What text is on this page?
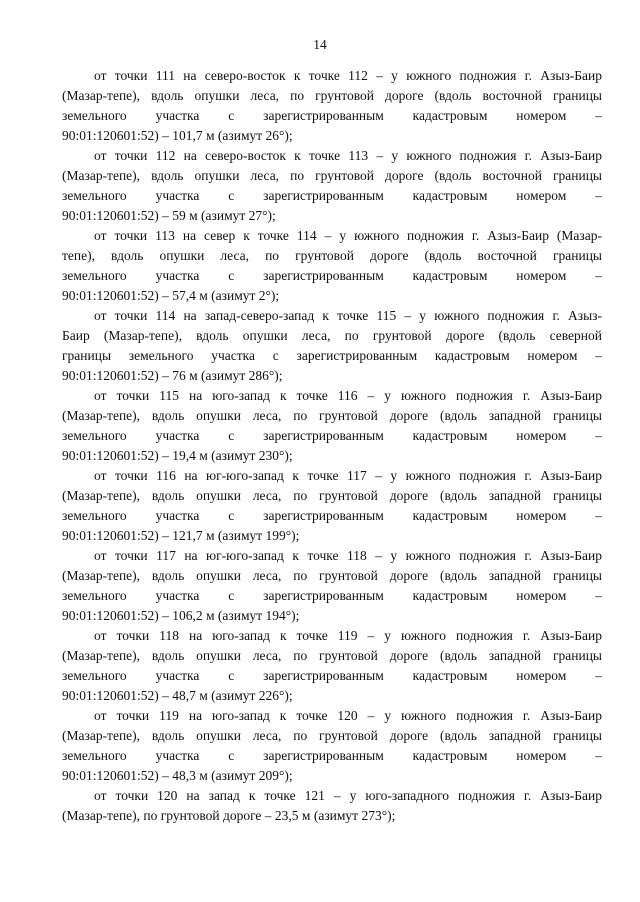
14
от точки 111 на северо-восток к точке 112 – у южного подножия г. Азыз-Баир
(Мазар-тепе), вдоль опушки леса, по грунтовой дороге (вдоль восточной границы
земельного участка с зарегистрированным кадастровым номером –
90:01:120601:52) – 101,7 м (азимут 26°);
от точки 112 на северо-восток к точке 113 – у южного подножия г. Азыз-Баир
(Мазар-тепе), вдоль опушки леса, по грунтовой дороге (вдоль восточной границы
земельного участка с зарегистрированным кадастровым номером –
90:01:120601:52) – 59 м (азимут 27°);
от точки 113 на север к точке 114 – у южного подножия г. Азыз-Баир (Мазар-
тепе), вдоль опушки леса, по грунтовой дороге (вдоль восточной границы
земельного участка с зарегистрированным кадастровым номером –
90:01:120601:52) – 57,4 м (азимут 2°);
от точки 114 на запад-северо-запад к точке 115 – у южного подножия г. Азыз-
Баир (Мазар-тепе), вдоль опушки леса, по грунтовой дороге (вдоль северной
границы земельного участка с зарегистрированным кадастровым номером –
90:01:120601:52) – 76 м (азимут 286°);
от точки 115 на юго-запад к точке 116 – у южного подножия г. Азыз-Баир
(Мазар-тепе), вдоль опушки леса, по грунтовой дороге (вдоль западной границы
земельного участка с зарегистрированным кадастровым номером –
90:01:120601:52) – 19,4 м (азимут 230°);
от точки 116 на юг-юго-запад к точке 117 – у южного подножия г. Азыз-Баир
(Мазар-тепе), вдоль опушки леса, по грунтовой дороге (вдоль западной границы
земельного участка с зарегистрированным кадастровым номером –
90:01:120601:52) – 121,7 м (азимут 199°);
от точки 117 на юг-юго-запад к точке 118 – у южного подножия г. Азыз-Баир
(Мазар-тепе), вдоль опушки леса, по грунтовой дороге (вдоль западной границы
земельного участка с зарегистрированным кадастровым номером –
90:01:120601:52) – 106,2 м (азимут 194°);
от точки 118 на юго-запад к точке 119 – у южного подножия г. Азыз-Баир
(Мазар-тепе), вдоль опушки леса, по грунтовой дороге (вдоль западной границы
земельного участка с зарегистрированным кадастровым номером –
90:01:120601:52) – 48,7 м (азимут 226°);
от точки 119 на юго-запад к точке 120 – у южного подножия г. Азыз-Баир
(Мазар-тепе), вдоль опушки леса, по грунтовой дороге (вдоль западной границы
земельного участка с зарегистрированным кадастровым номером –
90:01:120601:52) – 48,3 м (азимут 209°);
от точки 120 на запад к точке 121 – у юго-западного подножия г. Азыз-Баир
(Мазар-тепе), по грунтовой дороге – 23,5 м (азимут 273°);
